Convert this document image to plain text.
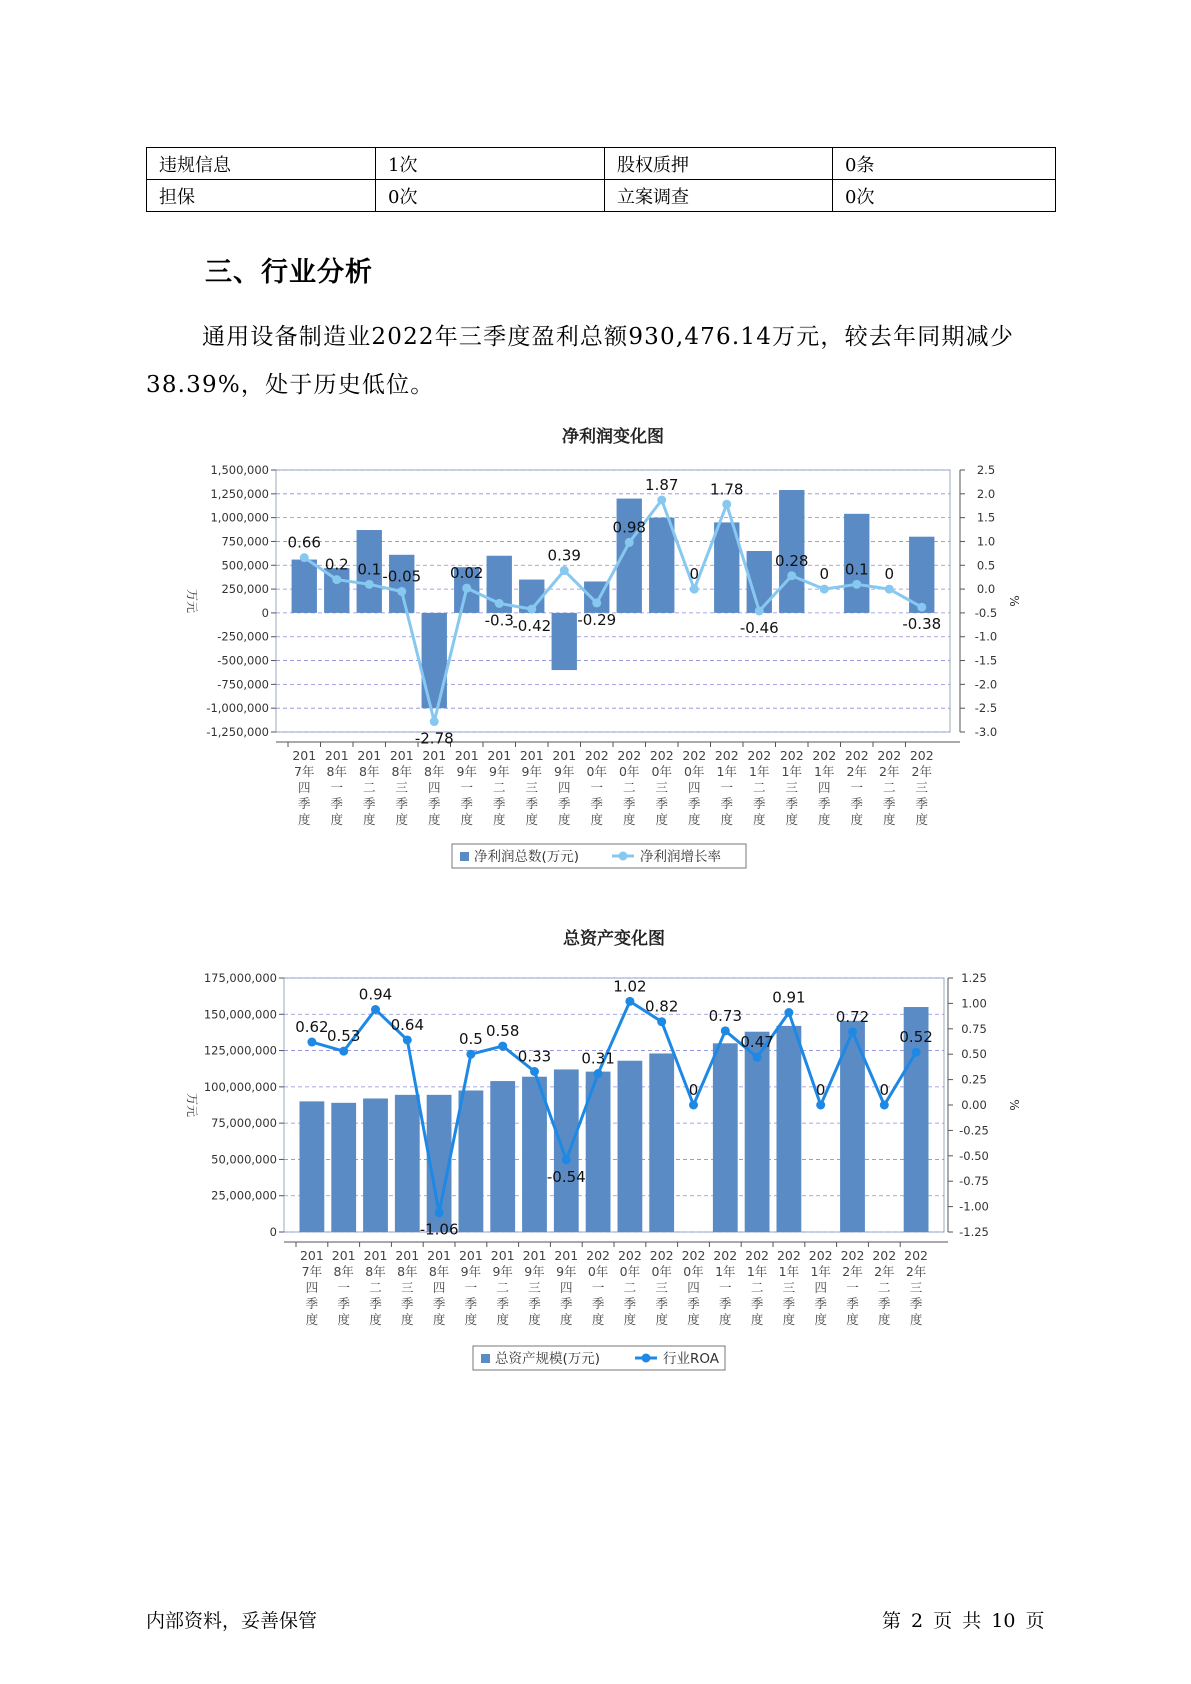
违规信息	1次	股权质押	0条
担保	0次	立案调查	0次
三、行业分析

通用设备制造业2022年三季度盈利总额930,476.14万元，较去年同期减少38.39%，处于历史低位。

净利润变化图
1,500,000
1,250,000
1,000,000
750,000
500,000
250,000
0
-250,000
-500,000
-750,000
-1,000,000
-1,250,000
2.5
2.0
1.5
1.0
0.5
0.0
-0.5
-1.0
-1.5
-2.0
-2.5
-3.0
万元	%
201 7年四季度
201 8年一季度
201 8年二季度
201 8年三季度
201 8年四季度
201 9年一季度
201 9年二季度
201 9年三季度
201 9年四季度
202 0年一季度
202 0年二季度
202 0年三季度
202 0年四季度
202 1年一季度
202 1年二季度
202 1年三季度
202 1年四季度
202 2年一季度
202 2年二季度
202 2年三季度
0.66
0.2 0.1 -0.05
-2.78
0.02
-0.3
-0.42
0.39
-0.29
0.98
1.87
0
1.78
-0.46
0.28
0 0.1 0
-0.38
净利润总数(万元)	净利润增长率
总资产变化图
175,000,000
150,000,000
125,000,000
100,000,000
75,000,000
50,000,000
25,000,000
0
1.25
1.00
0.75
0.50
0.25
0.00
-0.25
-0.50
-0.75
-1.00
-1.25
万元	%
201 7年四季度
201 8年一季度
201 8年二季度
201 8年三季度
201 8年四季度
201 9年一季度
201 9年二季度
201 9年三季度
201 9年四季度
202 0年一季度
202 0年二季度
202 0年三季度
202 0年四季度
202 1年一季度
202 1年二季度
202 1年三季度
202 1年四季度
202 2年一季度
202 2年二季度
202 2年三季度
0.62
0.53
0.94
0.64
-1.06
0.5 0.58
0.33
-0.54
0.31
1.02
0.82
0
0.73
0.47
0.91
0
0.72
0
0.52
总资产规模(万元)	行业ROA
内部资料，妥善保管	第 2 页 共 10 页
